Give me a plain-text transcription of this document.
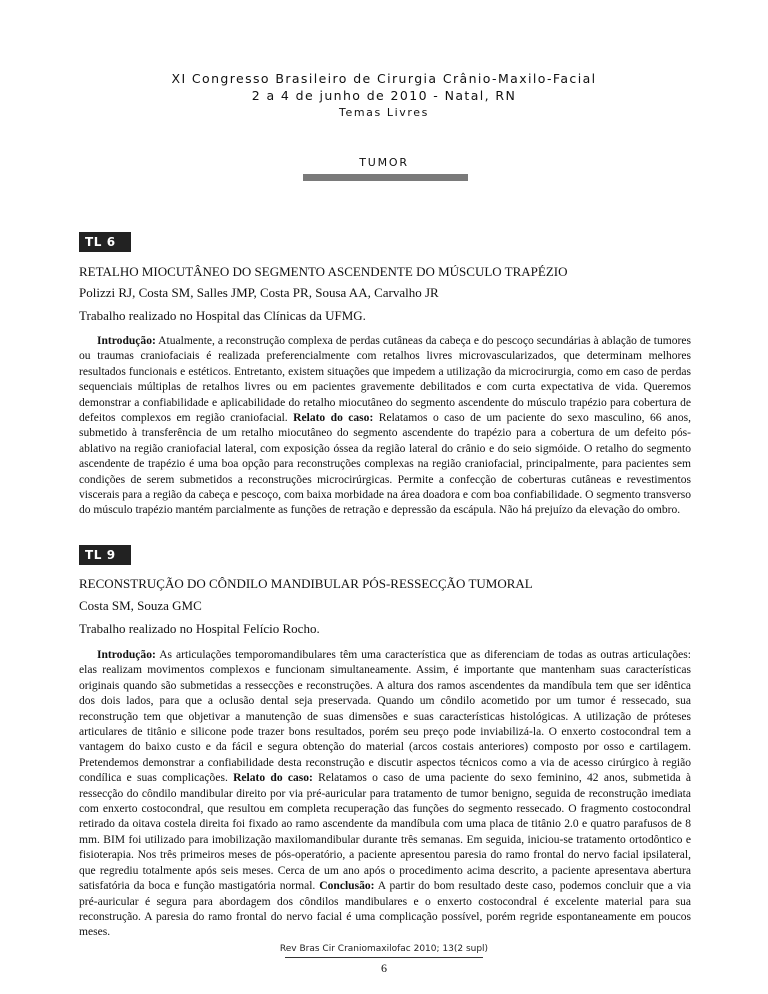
XI Congresso Brasileiro de Cirurgia Crânio-Maxilo-Facial
2 a 4 de junho de 2010 - Natal, RN
Temas Livres
TUMOR
TL 6
RETALHO MIOCUTÂNEO DO SEGMENTO ASCENDENTE DO MÚSCULO TRAPÉZIO
Polizzi RJ, Costa SM, Salles JMP, Costa PR, Sousa AA, Carvalho JR
Trabalho realizado no Hospital das Clínicas da UFMG.
Introdução: Atualmente, a reconstrução complexa de perdas cutâneas da cabeça e do pescoço secundárias à ablação de tumores ou traumas craniofaciais é realizada preferencialmente com retalhos livres microvascularizados, que determinam melhores resultados funcionais e estéticos. Entretanto, existem situações que impedem a utilização da microcirurgia, como em caso de perdas sequenciais múltiplas de retalhos livres ou em pacientes gravemente debilitados e com curta expectativa de vida. Queremos demonstrar a confiabilidade e aplicabilidade do retalho miocutâneo do segmento ascendente do músculo trapézio para cobertura de defeitos complexos em região craniofacial. Relato do caso: Relatamos o caso de um paciente do sexo masculino, 66 anos, submetido à transferência de um retalho miocutâneo do segmento ascendente do trapézio para a cobertura de um defeito pós-ablativo na região craniofacial lateral, com exposição óssea da região lateral do crânio e do seio sigmóide. O retalho do segmento ascendente de trapézio é uma boa opção para reconstruções complexas na região craniofacial, principalmente, para pacientes sem condições de serem submetidos a reconstruções microcirúrgicas. Permite a confecção de coberturas cutâneas e revestimentos viscerais para a região da cabeça e pescoço, com baixa morbidade na área doadora e com boa confiabilidade. O segmento transverso do músculo trapézio mantém parcialmente as funções de retração e depressão da escápula. Não há prejuízo da elevação do ombro.
TL 9
RECONSTRUÇÃO DO CÔNDILO MANDIBULAR PÓS-RESSECÇÃO TUMORAL
Costa SM, Souza GMC
Trabalho realizado no Hospital Felício Rocho.
Introdução: As articulações temporomandibulares têm uma característica que as diferenciam de todas as outras articulações: elas realizam movimentos complexos e funcionam simultaneamente. Assim, é importante que mantenham suas características originais quando são submetidas a ressecções e reconstruções. A altura dos ramos ascendentes da mandíbula tem que ser idêntica dos dois lados, para que a oclusão dental seja preservada. Quando um côndilo acometido por um tumor é ressecado, sua reconstrução tem que objetivar a manutenção de suas dimensões e suas características histológicas. A utilização de próteses articulares de titânio e silicone pode trazer bons resultados, porém seu preço pode inviabilizá-la. O enxerto costocondral tem a vantagem do baixo custo e da fácil e segura obtenção do material (arcos costais anteriores) composto por osso e cartilagem. Pretendemos demonstrar a confiabilidade desta reconstrução e discutir aspectos técnicos como a via de acesso cirúrgico à região condílica e suas complicações. Relato do caso: Relatamos o caso de uma paciente do sexo feminino, 42 anos, submetida à ressecção do côndilo mandibular direito por via pré-auricular para tratamento de tumor benigno, seguida de reconstrução imediata com enxerto costocondral, que resultou em completa recuperação das funções do segmento ressecado. O fragmento costocondral retirado da oitava costela direita foi fixado ao ramo ascendente da mandíbula com uma placa de titânio 2.0 e quatro parafusos de 8 mm. BIM foi utilizado para imobilização maxilomandibular durante três semanas. Em seguida, iniciou-se tratamento ortodôntico e fisioterapia. Nos três primeiros meses de pós-operatório, a paciente apresentou paresia do ramo frontal do nervo facial ipsilateral, que regrediu totalmente após seis meses. Cerca de um ano após o procedimento acima descrito, a paciente apresentava abertura satisfatória da boca e função mastigatória normal. Conclusão: A partir do bom resultado deste caso, podemos concluir que a via pré-auricular é segura para abordagem dos côndilos mandibulares e o enxerto costocondral é excelente material para sua reconstrução. A paresia do ramo frontal do nervo facial é uma complicação possível, porém regride espontaneamente em poucos meses.
Rev Bras Cir Craniomaxilofac 2010; 13(2 supl)
6
